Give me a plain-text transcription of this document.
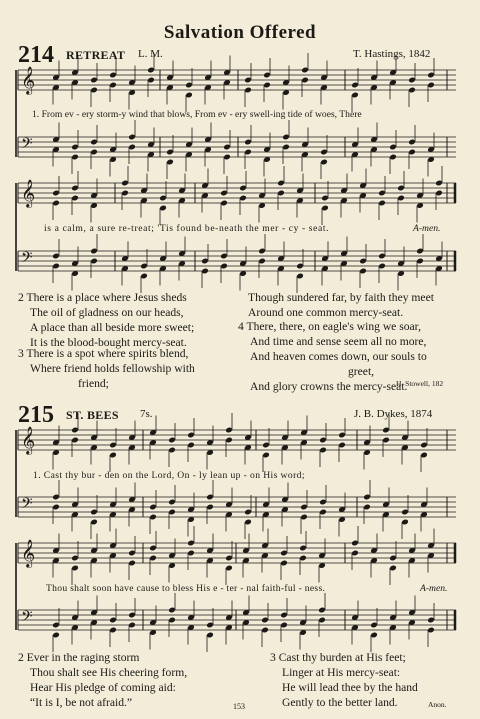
Salvation Offered
214 RETREAT L. M.	T. Hastings, 1842
𝄞
𝄢
𝄞
𝄢
𝄞
𝄢
𝄞
𝄢
1. From ev - ery storm-y wind that blows, From ev - ery swell-ing tide of woes, There
is a calm, a sure re-treat; 'Tis found be-neath the mer - cy - seat.	A-men.
2 There is a place where Jesus sheds
The oil of gladness on our heads,
A place than all beside more sweet;
It is the blood-bought mercy-seat.
3 There is a spot where spirits blend,
Where friend holds fellowship with
friend;
Though sundered far, by faith they meet
Around one common mercy-seat.
4 There, there, on eagle's wing we soar,
And time and sense seem all no more,
And heaven comes down, our souls to
greet,
And glory crowns the mercy-seat.
H. Stowell, 182
215 ST. BEES 7s.	J. B. Dykes, 1874
1. Cast thy bur - den on the Lord, On - ly lean up - on His word;
Thou shalt soon have cause to bless His e - ter - nal faith-ful - ness.	A-men.
2 Ever in the raging storm
Thou shalt see His cheering form,
Hear His pledge of coming aid:
“It is I, be not afraid.”
3 Cast thy burden at His feet;
Linger at His mercy-seat:
He will lead thee by the hand
Gently to the better land.	Anon.
153
